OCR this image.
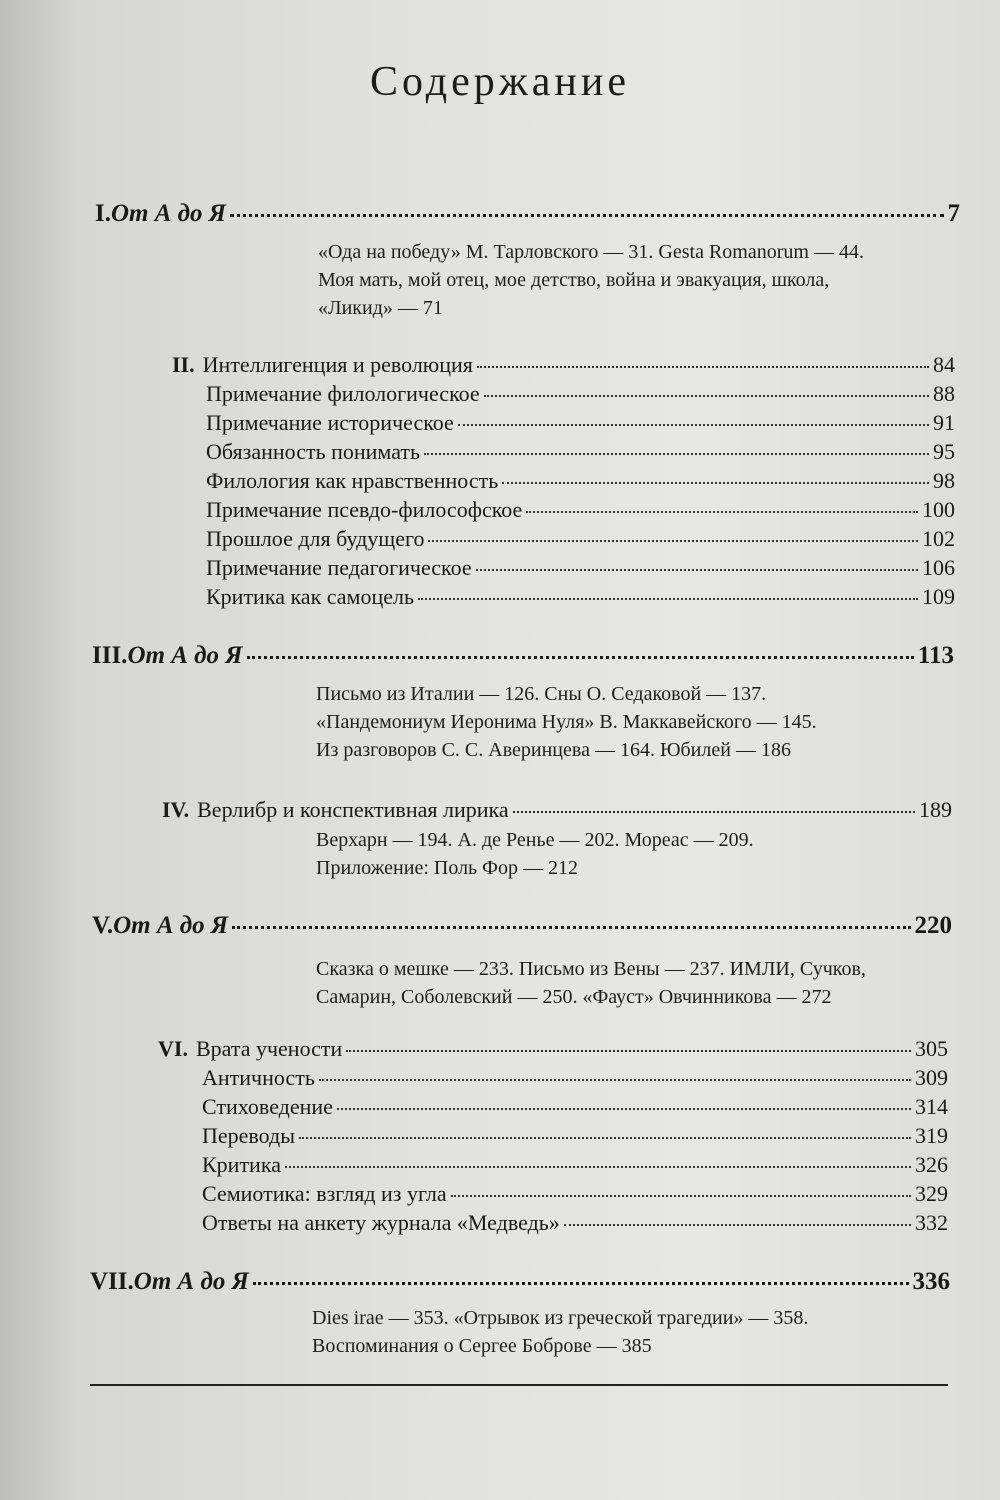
Содержание
I. От А до Я	7
«Ода на победу» М. Тарловского — 31. Gesta Romanorum — 44.
Моя мать, мой отец, мое детство, война и эвакуация, школа,
«Ликид» — 71
II. Интеллигенция и революция	84
Примечание филологическое	88
Примечание историческое	91
Обязанность понимать	95
Филология как нравственность	98
Примечание псевдо-философское	100
Прошлое для будущего	102
Примечание педагогическое	106
Критика как самоцель	109
III. От А до Я	113
Письмо из Италии — 126. Сны О. Седаковой — 137.
«Пандемониум Иеронима Нуля» В. Маккавейского — 145.
Из разговоров С. С. Аверинцева — 164. Юбилей — 186
IV. Верлибр и конспективная лирика	189
Верхарн — 194. А. де Ренье — 202. Мореас — 209.
Приложение: Поль Фор — 212
V. От А до Я	220
Сказка о мешке — 233. Письмо из Вены — 237. ИМЛИ, Сучков,
Самарин, Соболевский — 250. «Фауст» Овчинникова — 272
VI. Врата учености	305
Античность	309
Стиховедение	314
Переводы	319
Критика	326
Семиотика: взгляд из угла	329
Ответы на анкету журнала «Медведь»	332
VII. От А до Я	336
Dies irae — 353. «Отрывок из греческой трагедии» — 358.
Воспоминания о Сергее Боброве — 385
